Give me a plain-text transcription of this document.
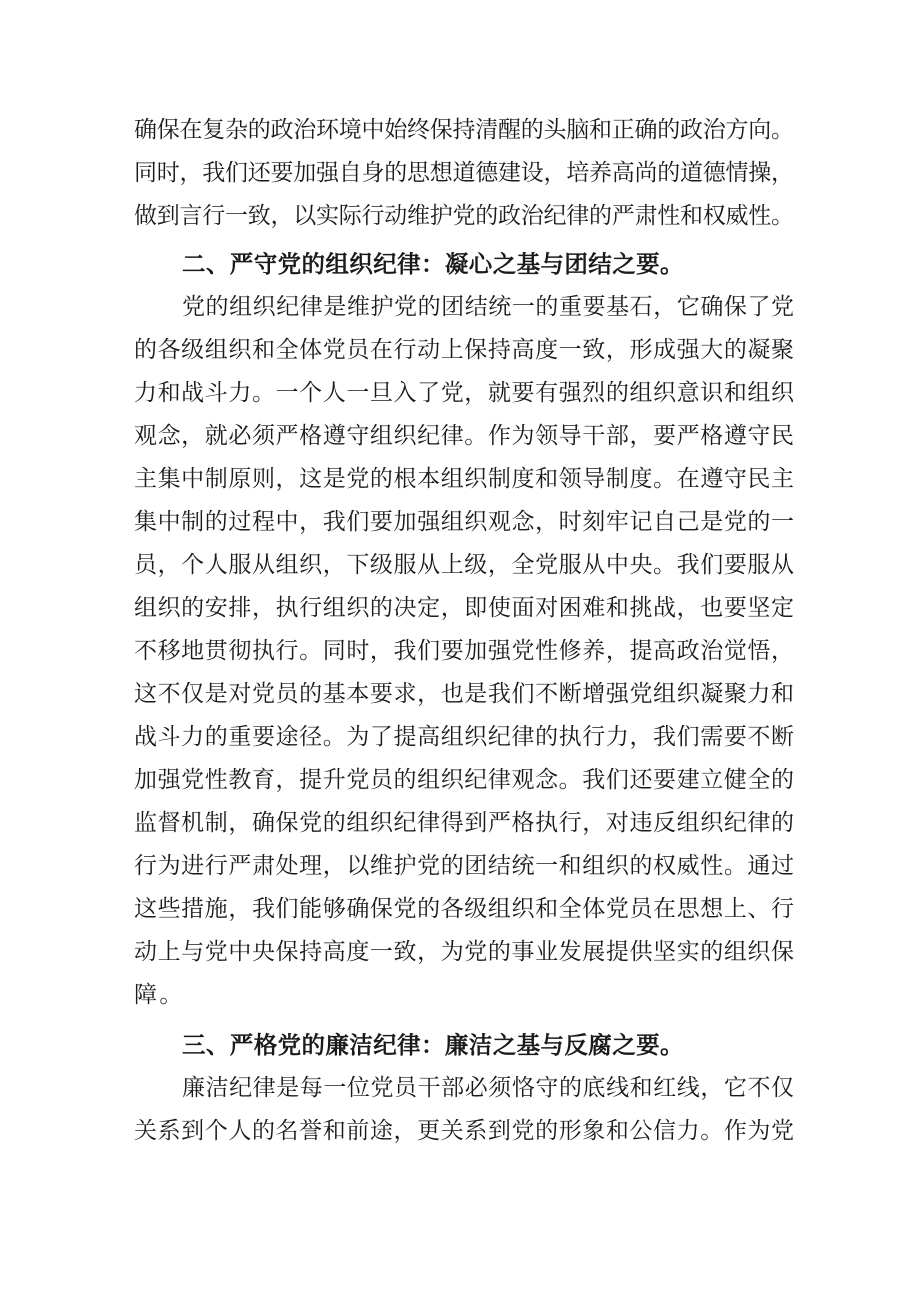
确保在复杂的政治环境中始终保持清醒的头脑和正确的政治方向。
同时，我们还要加强自身的思想道德建设，培养高尚的道德情操，
做到言行一致，以实际行动维护党的政治纪律的严肃性和权威性。
二、严守党的组织纪律：凝心之基与团结之要。
党的组织纪律是维护党的团结统一的重要基石，它确保了党
的各级组织和全体党员在行动上保持高度一致，形成强大的凝聚
力和战斗力。一个人一旦入了党，就要有强烈的组织意识和组织
观念，就必须严格遵守组织纪律。作为领导干部，要严格遵守民
主集中制原则，这是党的根本组织制度和领导制度。在遵守民主
集中制的过程中，我们要加强组织观念，时刻牢记自己是党的一
员，个人服从组织，下级服从上级，全党服从中央。我们要服从
组织的安排，执行组织的决定，即使面对困难和挑战，也要坚定
不移地贯彻执行。同时，我们要加强党性修养，提高政治觉悟，
这不仅是对党员的基本要求，也是我们不断增强党组织凝聚力和
战斗力的重要途径。为了提高组织纪律的执行力，我们需要不断
加强党性教育，提升党员的组织纪律观念。我们还要建立健全的
监督机制，确保党的组织纪律得到严格执行，对违反组织纪律的
行为进行严肃处理，以维护党的团结统一和组织的权威性。通过
这些措施，我们能够确保党的各级组织和全体党员在思想上、行
动上与党中央保持高度一致，为党的事业发展提供坚实的组织保
障。
三、严格党的廉洁纪律：廉洁之基与反腐之要。
廉洁纪律是每一位党员干部必须恪守的底线和红线，它不仅
关系到个人的名誉和前途，更关系到党的形象和公信力。作为党
